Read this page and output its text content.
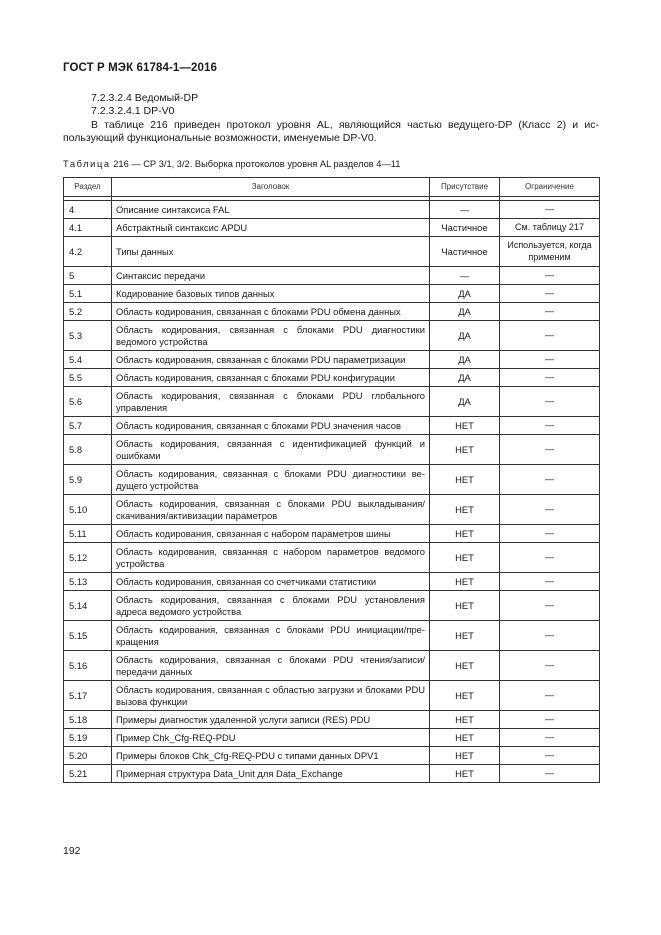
ГОСТ Р МЭК 61784-1—2016
7.2.3.2.4 Ведомый-DP
7.2.3.2.4.1 DP-V0
В таблице 216 приведен протокол уровня AL, являющийся частью ведущего-DP (Класс 2) и ис-пользующий функциональные возможности, именуемые DP-V0.
Таблица 216 — СР 3/1, 3/2. Выборка протоколов уровня AL разделов 4—11
Раздел	Заголовок	Присутствие	Ограничение

4	Описание синтаксиса FAL	—	—
4.1	Абстрактный синтаксис APDU	Частичное	См. таблицу 217
4.2	Типы данных	Частичное	Используется, когда применим
5	Синтаксис передачи	—	—
5.1	Кодирование базовых типов данных	ДА	—
5.2	Область кодирования, связанная с блоками PDU обмена данных	ДА	—
5.3	Область кодирования, связанная с блоками PDU диагностики ведомого устройства	ДА	—
5.4	Область кодирования, связанная с блоками PDU параметризации	ДА	—
5.5	Область кодирования, связанная с блоками PDU конфигурации	ДА	—
5.6	Область кодирования, связанная с блоками PDU глобального управления	ДА	—
5.7	Область кодирования, связанная с блоками PDU значения часов	НЕТ	—
5.8	Область кодирования, связанная с идентификацией функций и ошибками	НЕТ	—
5.9	Область кодирования, связанная с блоками PDU диагностики ве-дущего устройства	НЕТ	—
5.10	Область кодирования, связанная с блоками PDU выкладывания/скачивания/активизации параметров	НЕТ	—
5.11	Область кодирования, связанная с набором параметров шины	НЕТ	—
5.12	Область кодирования, связанная с набором параметров ведомого устройства	НЕТ	—
5.13	Область кодирования, связанная со счетчиками статистики	НЕТ	—
5.14	Область кодирования, связанная с блоками PDU установления адреса ведомого устройства	НЕТ	—
5.15	Область кодирования, связанная с блоками PDU инициации/пре-кращения	НЕТ	—
5.16	Область кодирования, связанная с блоками PDU чтения/записи/передачи данных	НЕТ	—
5.17	Область кодирования, связанная с областью загрузки и блоками PDU вызова функции	НЕТ	—
5.18	Примеры диагностик удаленной услуги записи (RES) PDU	НЕТ	—
5.19	Пример Chk_Cfg-REQ-PDU	НЕТ	—
5.20	Примеры блоков Chk_Cfg-REQ-PDU с типами данных DPV1	НЕТ	—
5.21	Примерная структура Data_Unit для Data_Exchange	НЕТ	—
192
